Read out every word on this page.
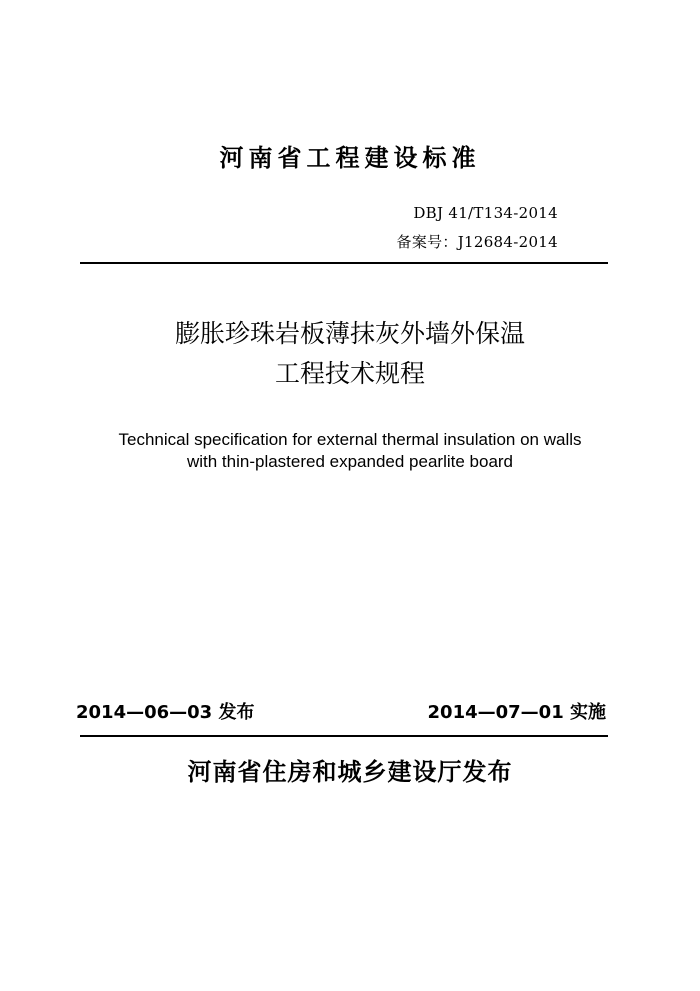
河南省工程建设标准
DBJ 41/T134-2014
备案号：J12684-2014
膨胀珍珠岩板薄抹灰外墙外保温
工程技术规程
Technical specification for external thermal insulation on walls
with thin-plastered expanded pearlite board
2014—06—03 发布	2014—07—01 实施
河南省住房和城乡建设厅发布
